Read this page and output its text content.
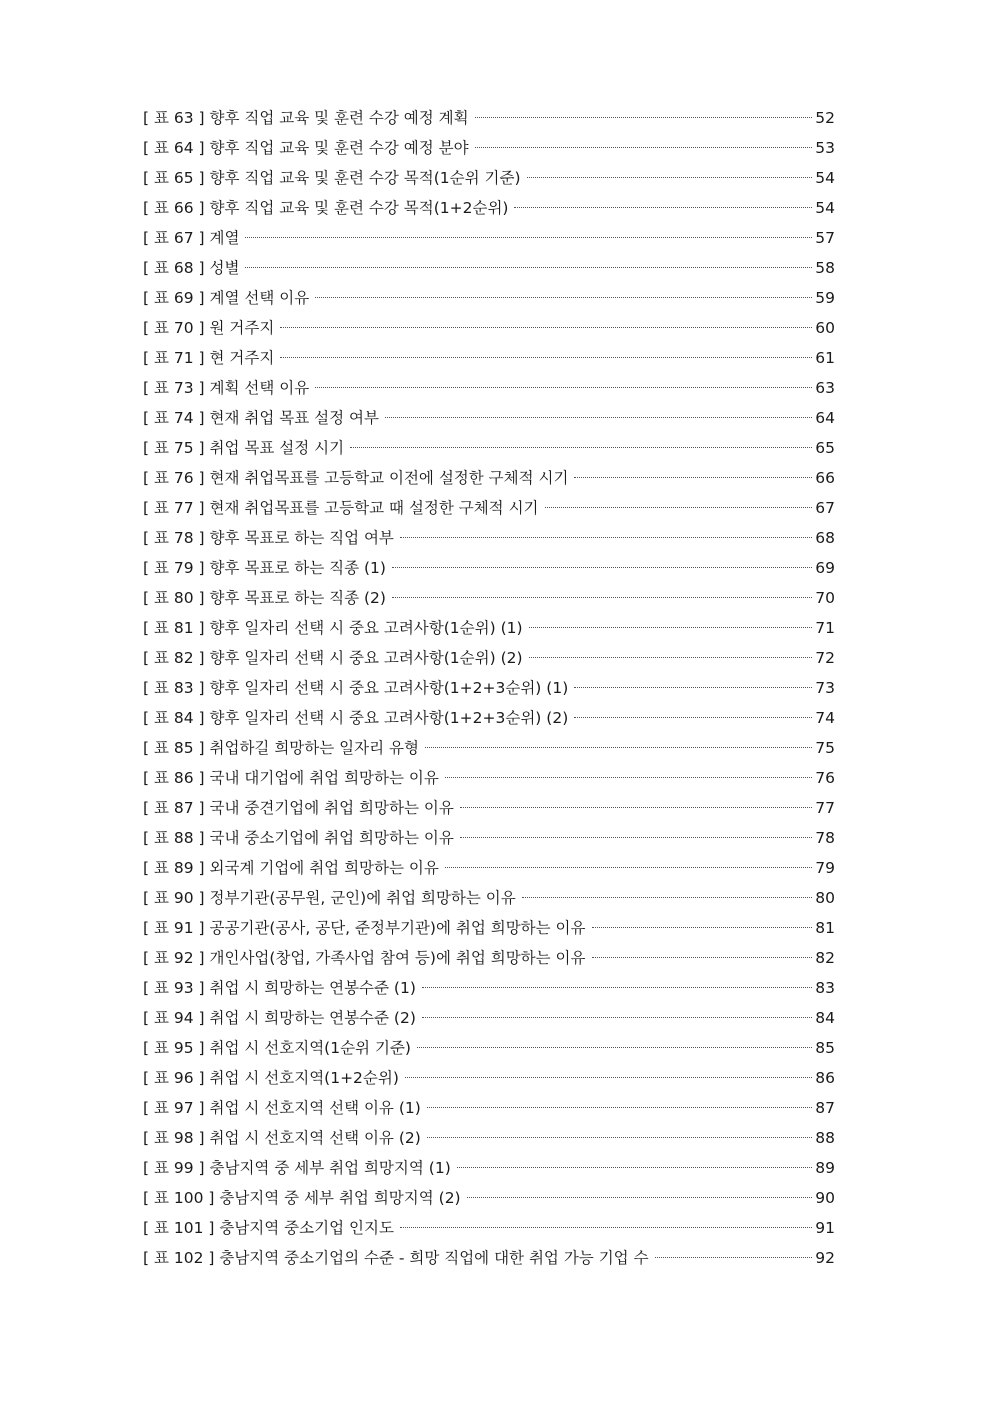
[ 표 63 ] 향후 직업 교육 및 훈련 수강 예정 계획	52
[ 표 64 ] 향후 직업 교육 및 훈련 수강 예정 분야	53
[ 표 65 ] 향후 직업 교육 및 훈련 수강 목적(1순위 기준)	54
[ 표 66 ] 향후 직업 교육 및 훈련 수강 목적(1+2순위)	54
[ 표 67 ] 계열	57
[ 표 68 ] 성별	58
[ 표 69 ] 계열 선택 이유	59
[ 표 70 ] 원 거주지	60
[ 표 71 ] 현 거주지	61
[ 표 73 ] 계획 선택 이유	63
[ 표 74 ] 현재 취업 목표 설정 여부	64
[ 표 75 ] 취업 목표 설정 시기	65
[ 표 76 ] 현재 취업목표를 고등학교 이전에 설정한 구체적 시기	66
[ 표 77 ] 현재 취업목표를 고등학교 때 설정한 구체적 시기	67
[ 표 78 ] 향후 목표로 하는 직업 여부	68
[ 표 79 ] 향후 목표로 하는 직종 (1)	69
[ 표 80 ] 향후 목표로 하는 직종 (2)	70
[ 표 81 ] 향후 일자리 선택 시 중요 고려사항(1순위) (1)	71
[ 표 82 ] 향후 일자리 선택 시 중요 고려사항(1순위) (2)	72
[ 표 83 ] 향후 일자리 선택 시 중요 고려사항(1+2+3순위) (1)	73
[ 표 84 ] 향후 일자리 선택 시 중요 고려사항(1+2+3순위) (2)	74
[ 표 85 ] 취업하길 희망하는 일자리 유형	75
[ 표 86 ] 국내 대기업에 취업 희망하는 이유	76
[ 표 87 ] 국내 중견기업에 취업 희망하는 이유	77
[ 표 88 ] 국내 중소기업에 취업 희망하는 이유	78
[ 표 89 ] 외국계 기업에 취업 희망하는 이유	79
[ 표 90 ] 정부기관(공무원, 군인)에 취업 희망하는 이유	80
[ 표 91 ] 공공기관(공사, 공단, 준정부기관)에 취업 희망하는 이유	81
[ 표 92 ] 개인사업(창업, 가족사업 참여 등)에 취업 희망하는 이유	82
[ 표 93 ] 취업 시 희망하는 연봉수준 (1)	83
[ 표 94 ] 취업 시 희망하는 연봉수준 (2)	84
[ 표 95 ] 취업 시 선호지역(1순위 기준)	85
[ 표 96 ] 취업 시 선호지역(1+2순위)	86
[ 표 97 ] 취업 시 선호지역 선택 이유 (1)	87
[ 표 98 ] 취업 시 선호지역 선택 이유 (2)	88
[ 표 99 ] 충남지역 중 세부 취업 희망지역 (1)	89
[ 표 100 ] 충남지역 중 세부 취업 희망지역 (2)	90
[ 표 101 ] 충남지역 중소기업 인지도	91
[ 표 102 ] 충남지역 중소기업의 수준 - 희망 직업에 대한 취업 가능 기업 수	92
